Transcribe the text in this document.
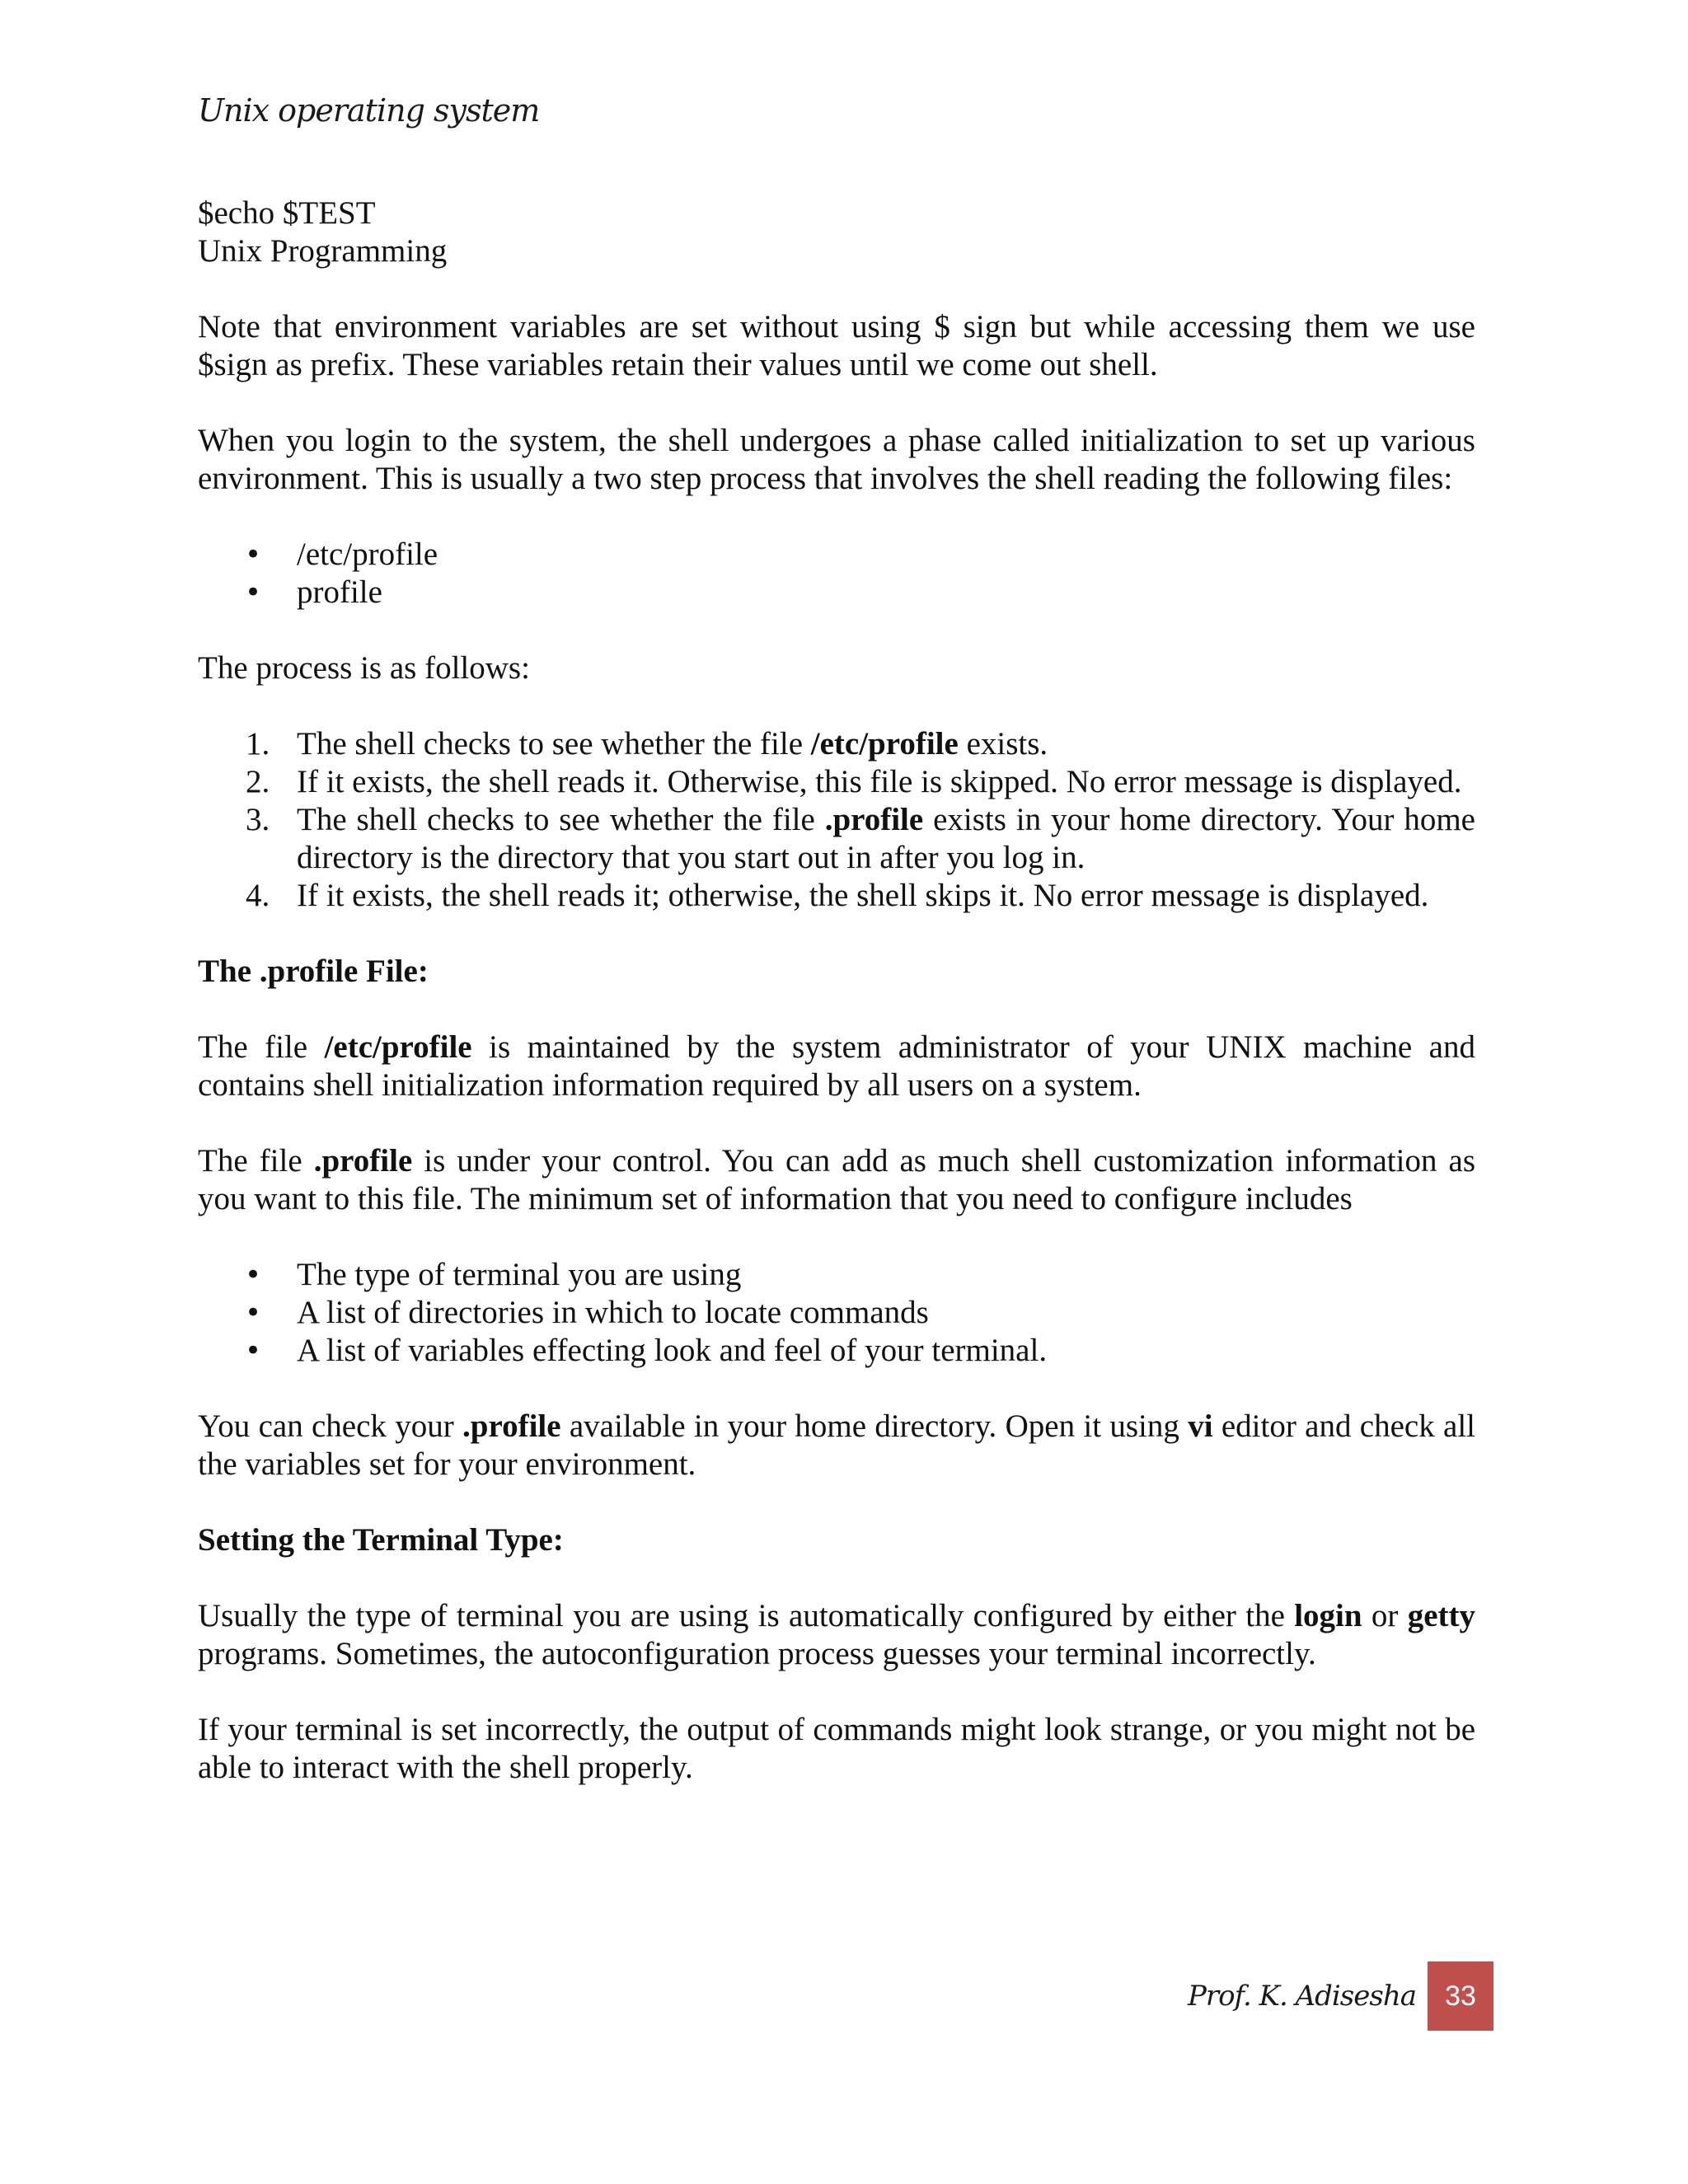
Unix operating system

$echo $TEST
Unix Programming

Note that environment variables are set without using $ sign but while accessing them we use $sign as prefix. These variables retain their values until we come out shell.

When you login to the system, the shell undergoes a phase called initialization to set up various environment. This is usually a two step process that involves the shell reading the following files:

• /etc/profile
• profile

The process is as follows:

1. The shell checks to see whether the file /etc/profile exists.
2. If it exists, the shell reads it. Otherwise, this file is skipped. No error message is displayed.
3. The shell checks to see whether the file .profile exists in your home directory. Your home directory is the directory that you start out in after you log in.
4. If it exists, the shell reads it; otherwise, the shell skips it. No error message is displayed.

The .profile File:

The file /etc/profile is maintained by the system administrator of your UNIX machine and contains shell initialization information required by all users on a system.

The file .profile is under your control. You can add as much shell customization information as you want to this file. The minimum set of information that you need to configure includes

• The type of terminal you are using
• A list of directories in which to locate commands
• A list of variables effecting look and feel of your terminal.

You can check your .profile available in your home directory. Open it using vi editor and check all the variables set for your environment.

Setting the Terminal Type:

Usually the type of terminal you are using is automatically configured by either the login or getty programs. Sometimes, the autoconfiguration process guesses your terminal incorrectly.

If your terminal is set incorrectly, the output of commands might look strange, or you might not be able to interact with the shell properly.

Prof. K. Adisesha	33
